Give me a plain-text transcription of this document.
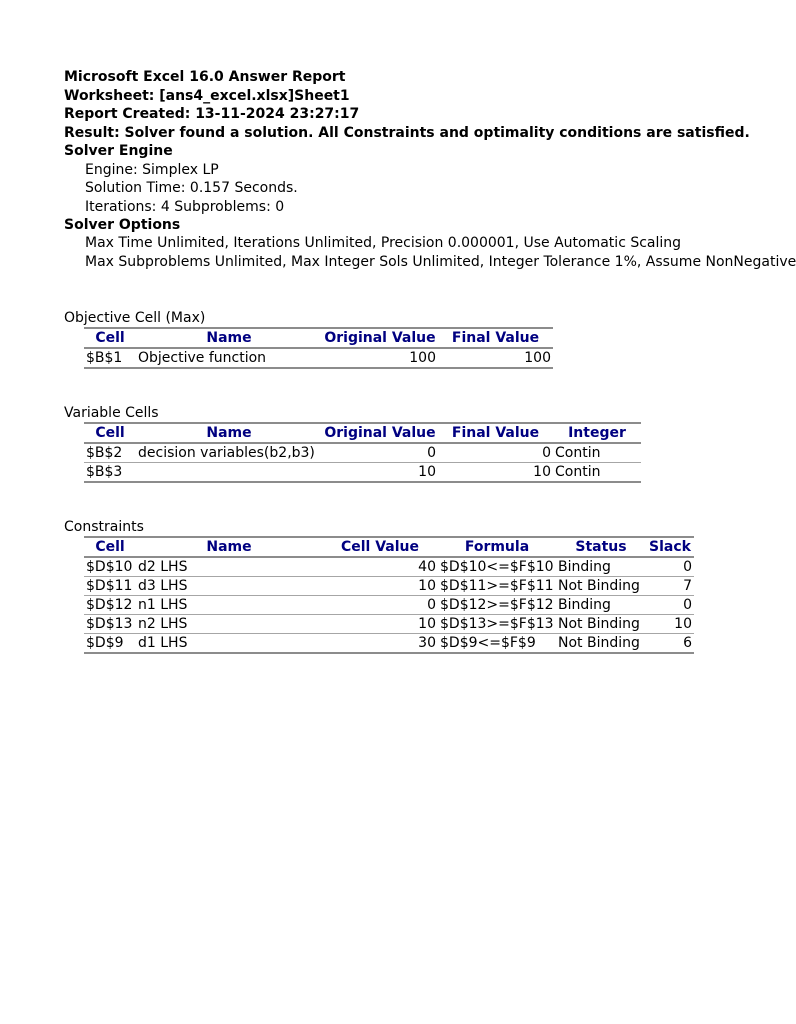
Microsoft Excel 16.0 Answer Report
Worksheet: [ans4_excel.xlsx]Sheet1
Report Created: 13-11-2024 23:27:17
Result: Solver found a solution. All Constraints and optimality conditions are satisfied.
Solver Engine
Engine: Simplex LP
Solution Time: 0.157 Seconds.
Iterations: 4 Subproblems: 0
Solver Options
Max Time Unlimited, Iterations Unlimited, Precision 0.000001, Use Automatic Scaling
Max Subproblems Unlimited, Max Integer Sols Unlimited, Integer Tolerance 1%, Assume NonNegative
Objective Cell (Max)
Cell	Name	Original Value	Final Value
$B$1	Objective function	100	100
Variable Cells
Cell	Name	Original Value	Final Value	Integer
$B$2	decision variables(b2,b3)	0	0	Contin
$B$3		10	10	Contin
Constraints
Cell	Name	Cell Value	Formula	Status	Slack
$D$10	d2 LHS	40	$D$10<=$F$10	Binding	0
$D$11	d3 LHS	10	$D$11>=$F$11	Not Binding	7
$D$12	n1 LHS	0	$D$12>=$F$12	Binding	0
$D$13	n2 LHS	10	$D$13>=$F$13	Not Binding	10
$D$9	d1 LHS	30	$D$9<=$F$9	Not Binding	6
